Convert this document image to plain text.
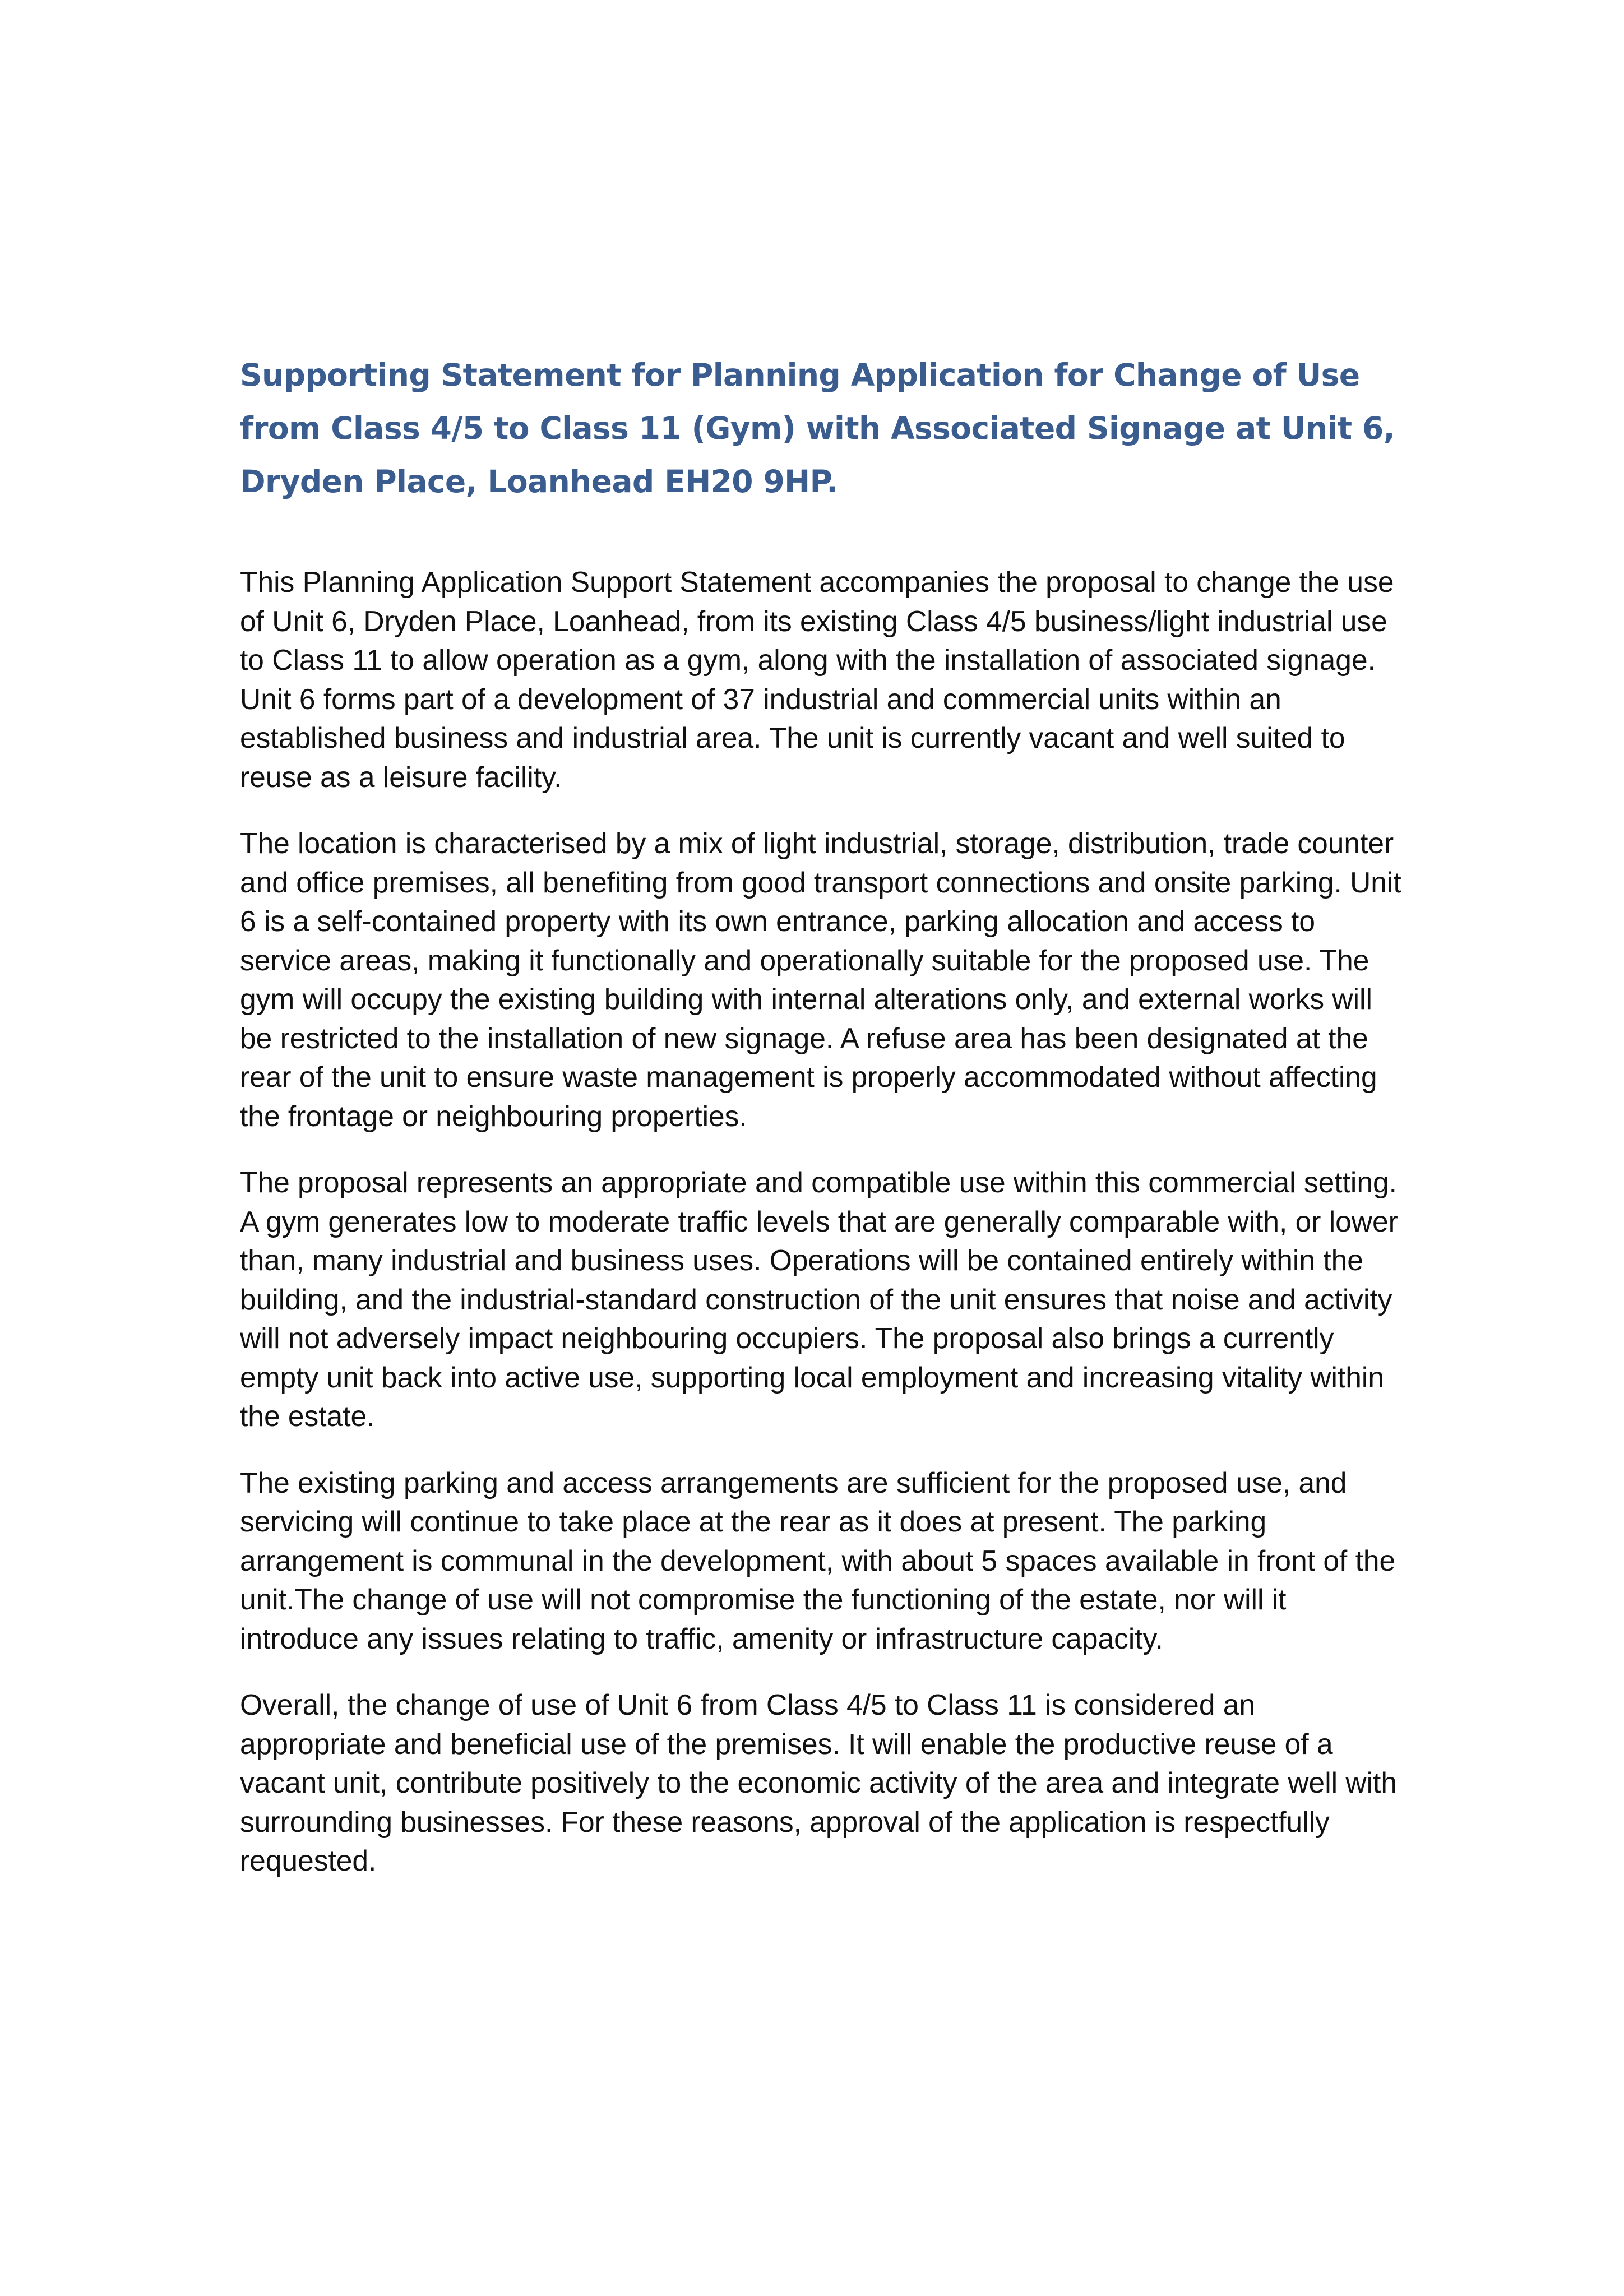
Supporting Statement for Planning Application for Change of Use from Class 4/5 to Class 11 (Gym) with Associated Signage at Unit 6, Dryden Place, Loanhead EH20 9HP.

This Planning Application Support Statement accompanies the proposal to change the use of Unit 6, Dryden Place, Loanhead, from its existing Class 4/5 business/light industrial use to Class 11 to allow operation as a gym, along with the installation of associated signage. Unit 6 forms part of a development of 37 industrial and commercial units within an established business and industrial area. The unit is currently vacant and well suited to reuse as a leisure facility.

The location is characterised by a mix of light industrial, storage, distribution, trade counter and office premises, all benefiting from good transport connections and onsite parking. Unit 6 is a self-contained property with its own entrance, parking allocation and access to service areas, making it functionally and operationally suitable for the proposed use. The gym will occupy the existing building with internal alterations only, and external works will be restricted to the installation of new signage. A refuse area has been designated at the rear of the unit to ensure waste management is properly accommodated without affecting the frontage or neighbouring properties.

The proposal represents an appropriate and compatible use within this commercial setting. A gym generates low to moderate traffic levels that are generally comparable with, or lower than, many industrial and business uses. Operations will be contained entirely within the building, and the industrial-standard construction of the unit ensures that noise and activity will not adversely impact neighbouring occupiers. The proposal also brings a currently empty unit back into active use, supporting local employment and increasing vitality within the estate.

The existing parking and access arrangements are sufficient for the proposed use, and servicing will continue to take place at the rear as it does at present. The parking arrangement is communal in the development, with about 5 spaces available in front of the unit.The change of use will not compromise the functioning of the estate, nor will it introduce any issues relating to traffic, amenity or infrastructure capacity.

Overall, the change of use of Unit 6 from Class 4/5 to Class 11 is considered an appropriate and beneficial use of the premises. It will enable the productive reuse of a vacant unit, contribute positively to the economic activity of the area and integrate well with surrounding businesses. For these reasons, approval of the application is respectfully requested.
